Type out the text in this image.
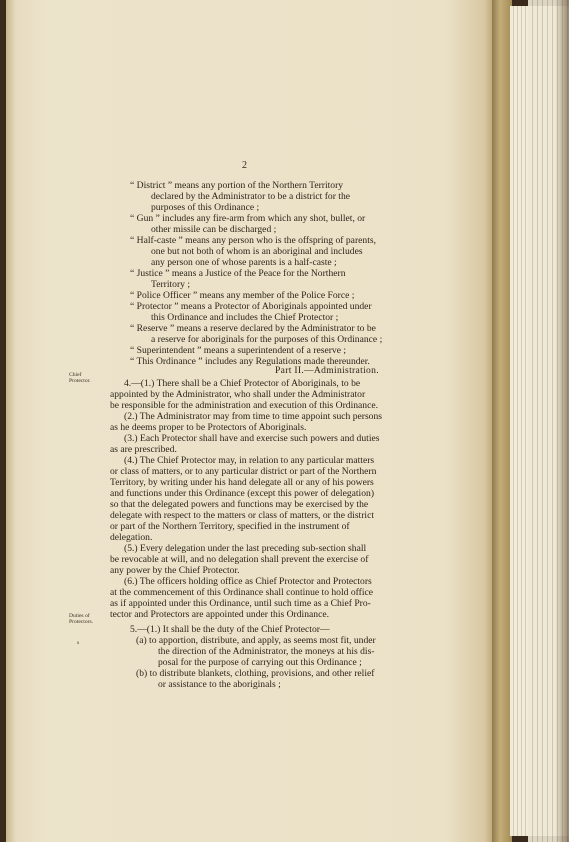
2
“ District ” means any portion of the Northern Territory
declared by the Administrator to be a district for the
purposes of this Ordinance ;
“ Gun ” includes any fire-arm from which any shot, bullet, or
other missile can be discharged ;
“ Half-caste ” means any person who is the offspring of parents,
one but not both of whom is an aboriginal and includes
any person one of whose parents is a half-caste ;
“ Justice ” means a Justice of the Peace for the Northern
Territory ;
“ Police Officer ” means any member of the Police Force ;
“ Protector ” means a Protector of Aboriginals appointed under
this Ordinance and includes the Chief Protector ;
“ Reserve ” means a reserve declared by the Administrator to be
a reserve for aboriginals for the purposes of this Ordinance ;
“ Superintendent ” means a superintendent of a reserve ;
“ This Ordinance ” includes any Regulations made thereunder.
Part II.—Administration.
Chief
Protector.
Duties of
Protectors.
s
4.—(1.) There shall be a Chief Protector of Aboriginals, to be
appointed by the Administrator, who shall under the Administrator
be responsible for the administration and execution of this Ordinance.
(2.) The Administrator may from time to time appoint such persons
as he deems proper to be Protectors of Aboriginals.
(3.) Each Protector shall have and exercise such powers and duties
as are prescribed.
(4.) The Chief Protector may, in relation to any particular matters
or class of matters, or to any particular district or part of the Northern
Territory, by writing under his hand delegate all or any of his powers
and functions under this Ordinance (except this power of delegation)
so that the delegated powers and functions may be exercised by the
delegate with respect to the matters or class of matters, or the district
or part of the Northern Territory, specified in the instrument of
delegation.
(5.) Every delegation under the last preceding sub-section shall
be revocable at will, and no delegation shall prevent the exercise of
any power by the Chief Protector.
(6.) The officers holding office as Chief Protector and Protectors
at the commencement of this Ordinance shall continue to hold office
as if appointed under this Ordinance, until such time as a Chief Pro-
tector and Protectors are appointed under this Ordinance.
5.—(1.) It shall be the duty of the Chief Protector—
(a) to apportion, distribute, and apply, as seems most fit, under
the direction of the Administrator, the moneys at his dis-
posal for the purpose of carrying out this Ordinance ;
(b) to distribute blankets, clothing, provisions, and other relief
or assistance to the aboriginals ;
